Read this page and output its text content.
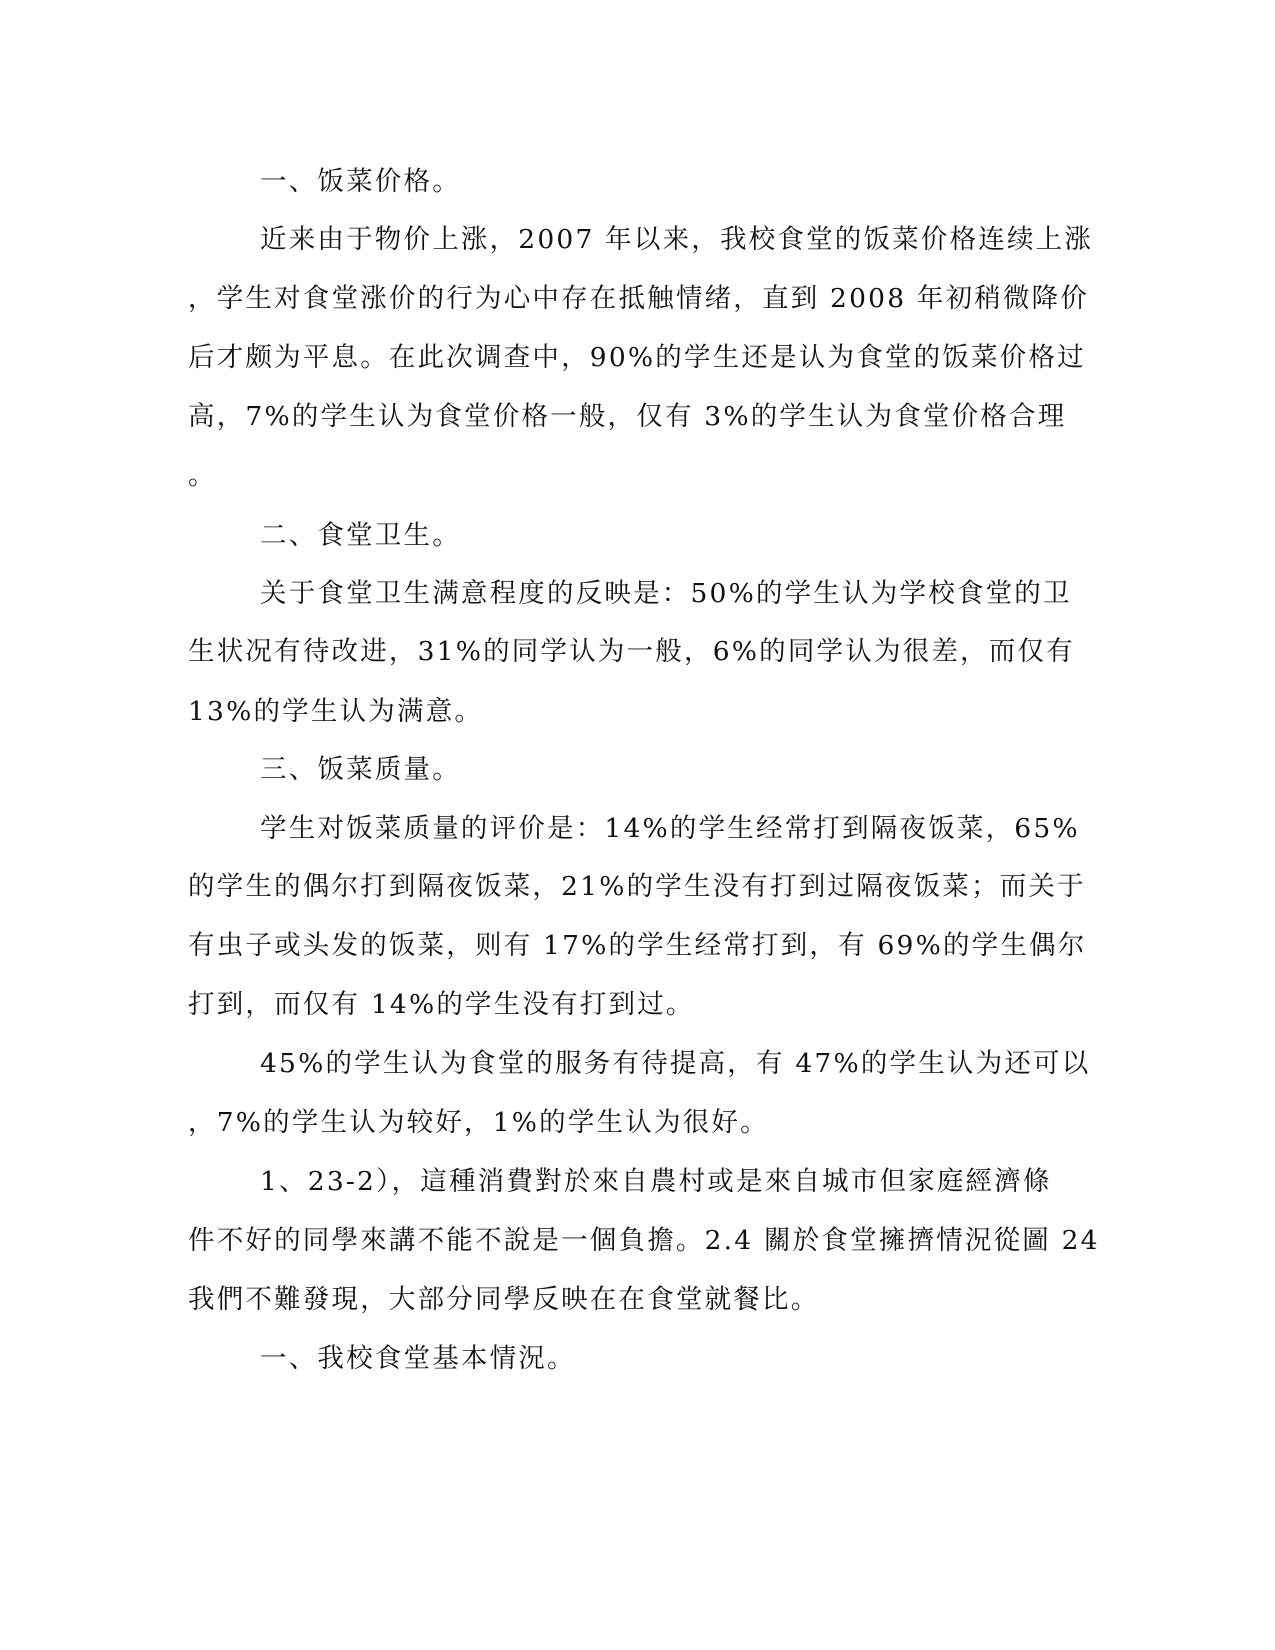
一、饭菜价格。
近来由于物价上涨，2007 年以来，我校食堂的饭菜价格连续上涨
，学生对食堂涨价的行为心中存在抵触情绪，直到 2008 年初稍微降价
后才颇为平息。在此次调查中，90%的学生还是认为食堂的饭菜价格过
高，7%的学生认为食堂价格一般，仅有 3%的学生认为食堂价格合理
。
二、食堂卫生。
关于食堂卫生满意程度的反映是：50%的学生认为学校食堂的卫
生状况有待改进，31%的同学认为一般，6%的同学认为很差，而仅有
13%的学生认为满意。
三、饭菜质量。
学生对饭菜质量的评价是：14%的学生经常打到隔夜饭菜，65%
的学生的偶尔打到隔夜饭菜，21%的学生没有打到过隔夜饭菜；而关于
有虫子或头发的饭菜，则有 17%的学生经常打到，有 69%的学生偶尔
打到，而仅有 14%的学生没有打到过。
45%的学生认为食堂的服务有待提高，有 47%的学生认为还可以
，7%的学生认为较好，1%的学生认为很好。
1、23-2），這種消費對於來自農村或是來自城市但家庭經濟條
件不好的同學來講不能不說是一個負擔。2.4 關於食堂擁擠情況從圖 24
我們不難發現，大部分同學反映在在食堂就餐比。
一、我校食堂基本情況。
